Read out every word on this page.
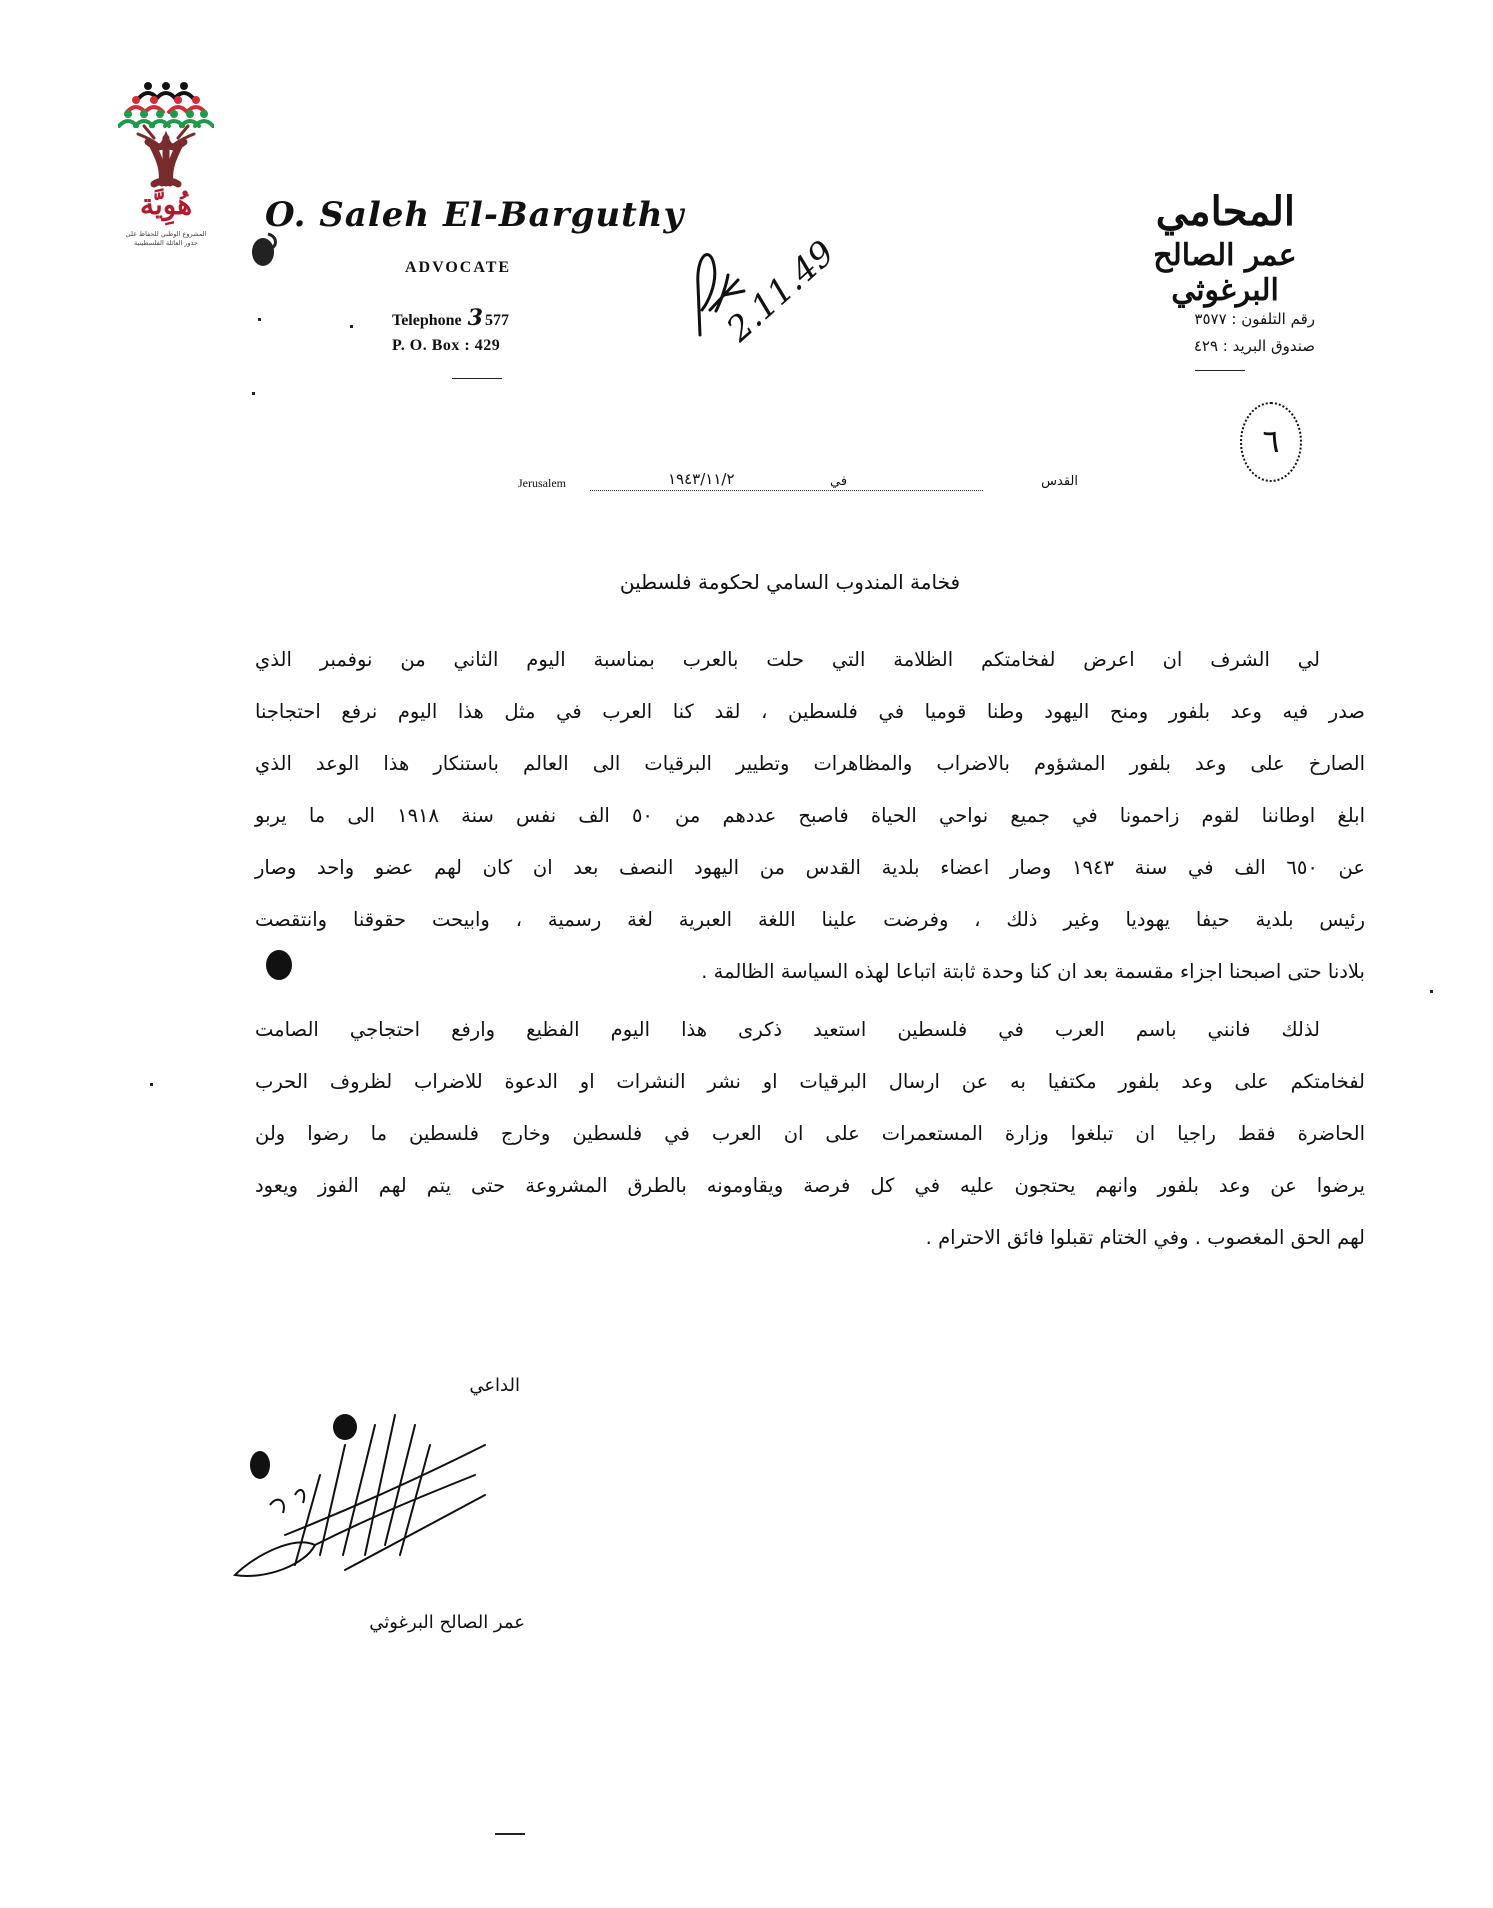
هُوِيَّة
المشروع الوطني للحفاظ على جذور العائلة الفلسطينية
O. Saleh El-Barguthy
ADVOCATE
Telephone 3 577
P. O. Box : 429	2.11.49
المحامي
عمر الصالح البرغوثي
رقم التلفون : ٣٥٧٧
صندوق البريد : ٤٢٩
٦
Jerusalem	١٩٤٣/١١/٢	في	القدس
فخامة المندوب السامي لحكومة فلسطين
لي الشرف ان اعرض لفخامتكم الظلامة التي حلت بالعرب بمناسبة اليوم الثاني من نوفمبر الذي
صدر فيه وعد بلفور ومنح اليهود وطنا قوميا في فلسطين ، لقد كنا العرب في مثل هذا اليوم نرفع احتجاجنا
الصارخ على وعد بلفور المشؤوم بالاضراب والمظاهرات وتطيير البرقيات الى العالم باستنكار هذا الوعد الذي
ابلغ اوطاننا لقوم زاحمونا في جميع نواحي الحياة فاصبح عددهم من ٥٠ الف نفس سنة ١٩١٨ الى ما يربو
عن ٦٥٠ الف في سنة ١٩٤٣ وصار اعضاء بلدية القدس من اليهود النصف بعد ان كان لهم عضو واحد وصار
رئيس بلدية حيفا يهوديا وغير ذلك ، وفرضت علينا اللغة العبرية لغة رسمية ، وابيحت حقوقنا وانتقصت
بلادنا حتى اصبحنا اجزاء مقسمة بعد ان كنا وحدة ثابتة اتباعا لهذه السياسة الظالمة .
لذلك فانني باسم العرب في فلسطين استعيد ذكرى هذا اليوم الفظيع وارفع احتجاجي الصامت
لفخامتكم على وعد بلفور مكتفيا به عن ارسال البرقيات او نشر النشرات او الدعوة للاضراب لظروف الحرب
الحاضرة فقط راجيا ان تبلغوا وزارة المستعمرات على ان العرب في فلسطين وخارج فلسطين ما رضوا ولن
يرضوا عن وعد بلفور وانهم يحتجون عليه في كل فرصة ويقاومونه بالطرق المشروعة حتى يتم لهم الفوز ويعود
لهم الحق المغصوب . وفي الختام تقبلوا فائق الاحترام .
الداعي
عمر الصالح البرغوثي
